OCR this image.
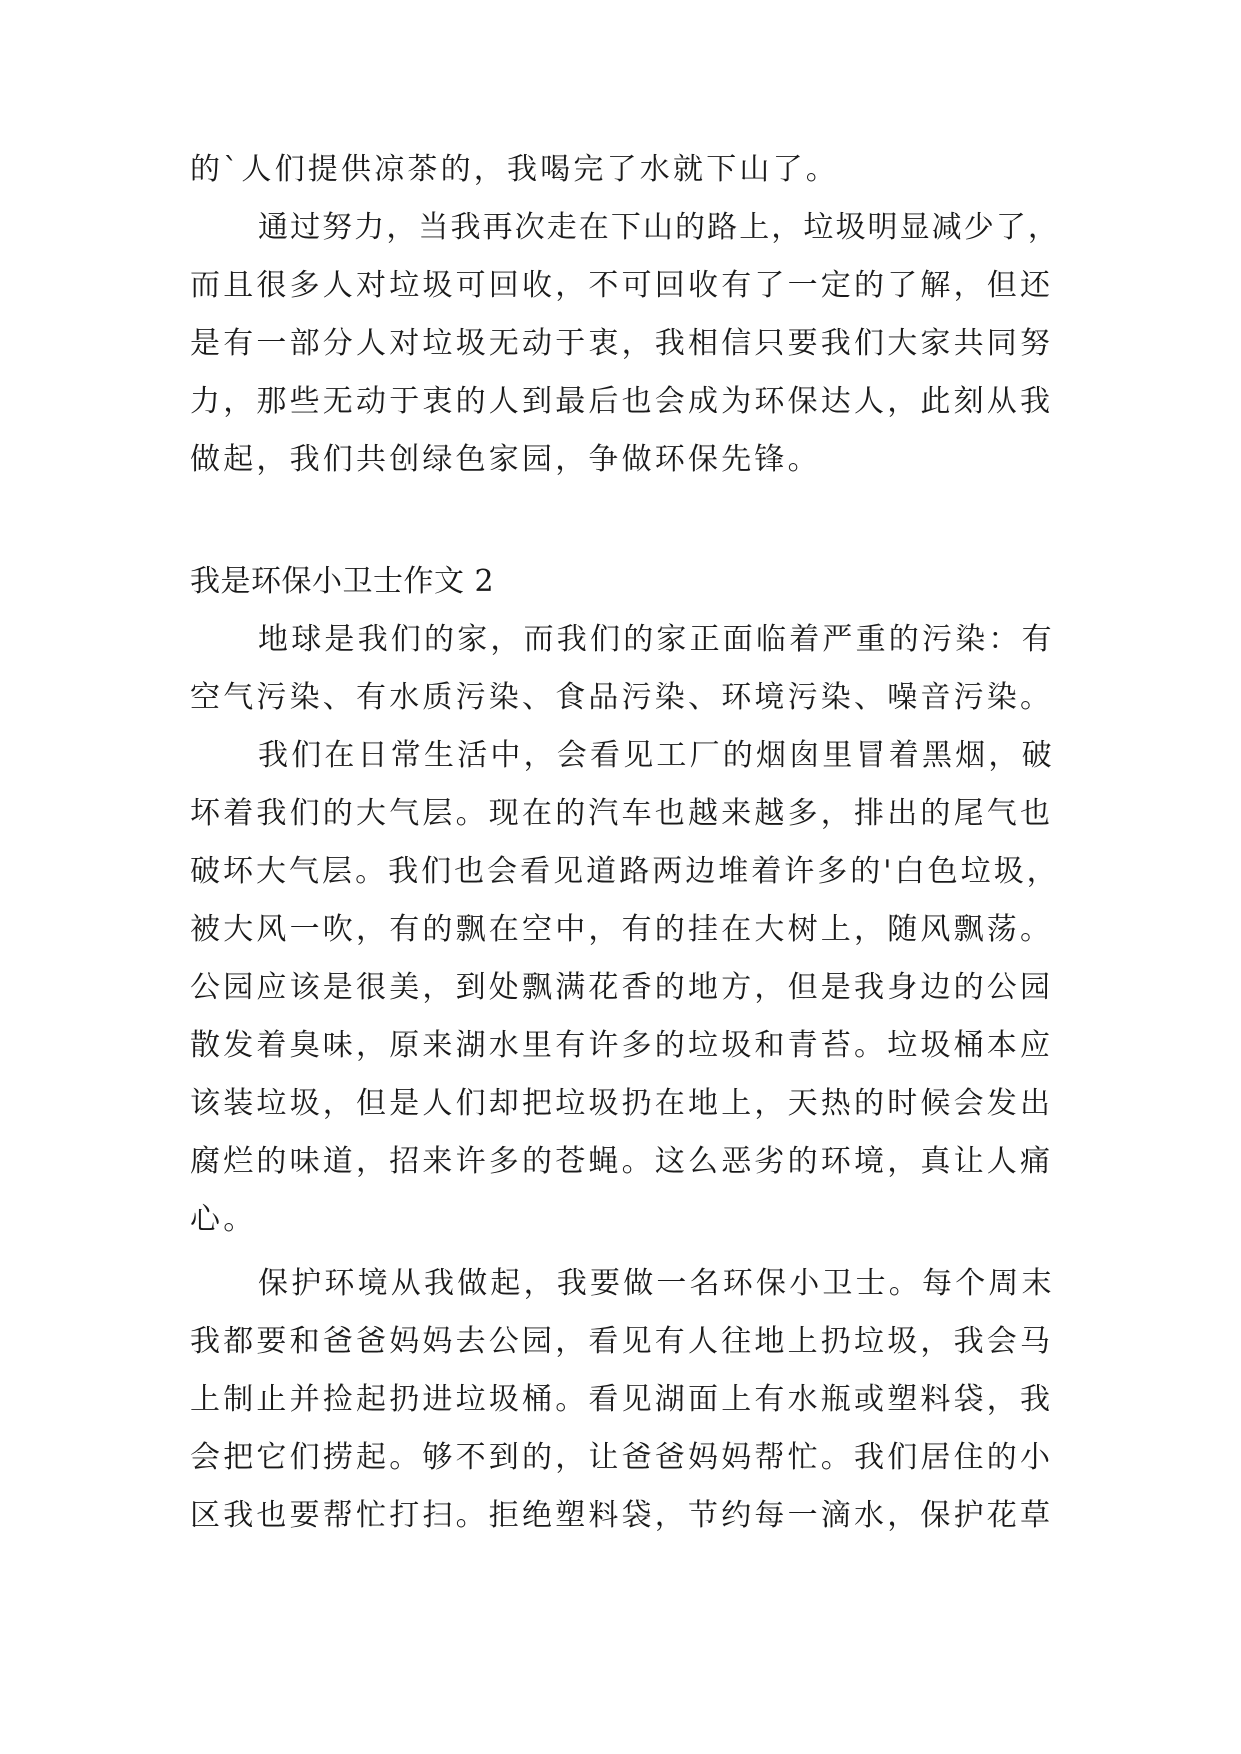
的`人们提供凉茶的，我喝完了水就下山了。
通过努力，当我再次走在下山的路上，垃圾明显减少了，
而且很多人对垃圾可回收，不可回收有了一定的了解，但还
是有一部分人对垃圾无动于衷，我相信只要我们大家共同努
力，那些无动于衷的人到最后也会成为环保达人，此刻从我
做起，我们共创绿色家园，争做环保先锋。
我是环保小卫士作文 2
地球是我们的家，而我们的家正面临着严重的污染：有
空气污染、有水质污染、食品污染、环境污染、噪音污染。
我们在日常生活中，会看见工厂的烟囱里冒着黑烟，破
坏着我们的大气层。现在的汽车也越来越多，排出的尾气也
破坏大气层。我们也会看见道路两边堆着许多的'白色垃圾，
被大风一吹，有的飘在空中，有的挂在大树上，随风飘荡。
公园应该是很美，到处飘满花香的地方，但是我身边的公园
散发着臭味，原来湖水里有许多的垃圾和青苔。垃圾桶本应
该装垃圾，但是人们却把垃圾扔在地上，天热的时候会发出
腐烂的味道，招来许多的苍蝇。这么恶劣的环境，真让人痛
心。
保护环境从我做起，我要做一名环保小卫士。每个周末
我都要和爸爸妈妈去公园，看见有人往地上扔垃圾，我会马
上制止并捡起扔进垃圾桶。看见湖面上有水瓶或塑料袋，我
会把它们捞起。够不到的，让爸爸妈妈帮忙。我们居住的小
区我也要帮忙打扫。拒绝塑料袋，节约每一滴水，保护花草
